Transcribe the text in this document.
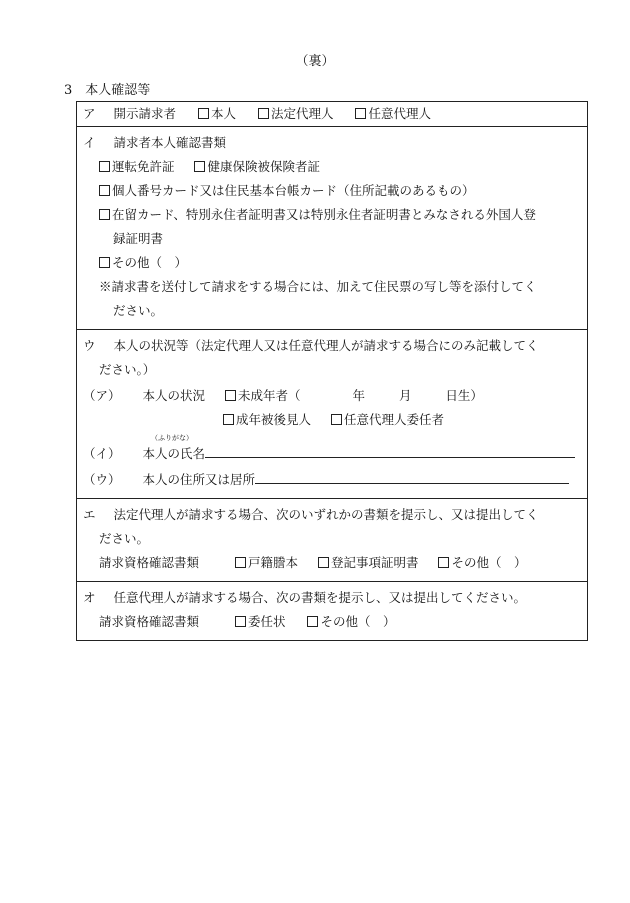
（裏）
3　本人確認等
ア 開示請求者	本人	法定代理人	任意代理人
イ 請求者本人確認書類
運転免許証	健康保険被保険者証
個人番号カード又は住民基本台帳カード（住所記載のあるもの）
在留カード、特別永住者証明書又は特別永住者証明書とみなされる外国人登
録証明書
その他（　）
※請求書を送付して請求をする場合には、加えて住民票の写し等を添付してく
ださい。
ウ 本人の状況等（法定代理人又は任意代理人が請求する場合にのみ記載してく
ださい。）
（ア） 本人の状況	未成年者（	年	月	日生）
成年被後見人	任意代理人委任者
（ふりがな）
（イ） 本人の氏名
（ウ） 本人の住所又は居所
エ 法定代理人が請求する場合、次のいずれかの書類を提示し、又は提出してく
ださい。
請求資格確認書類	戸籍謄本	登記事項証明書	その他（　）
オ 任意代理人が請求する場合、次の書類を提示し、又は提出してください。
請求資格確認書類	委任状	その他（　）
